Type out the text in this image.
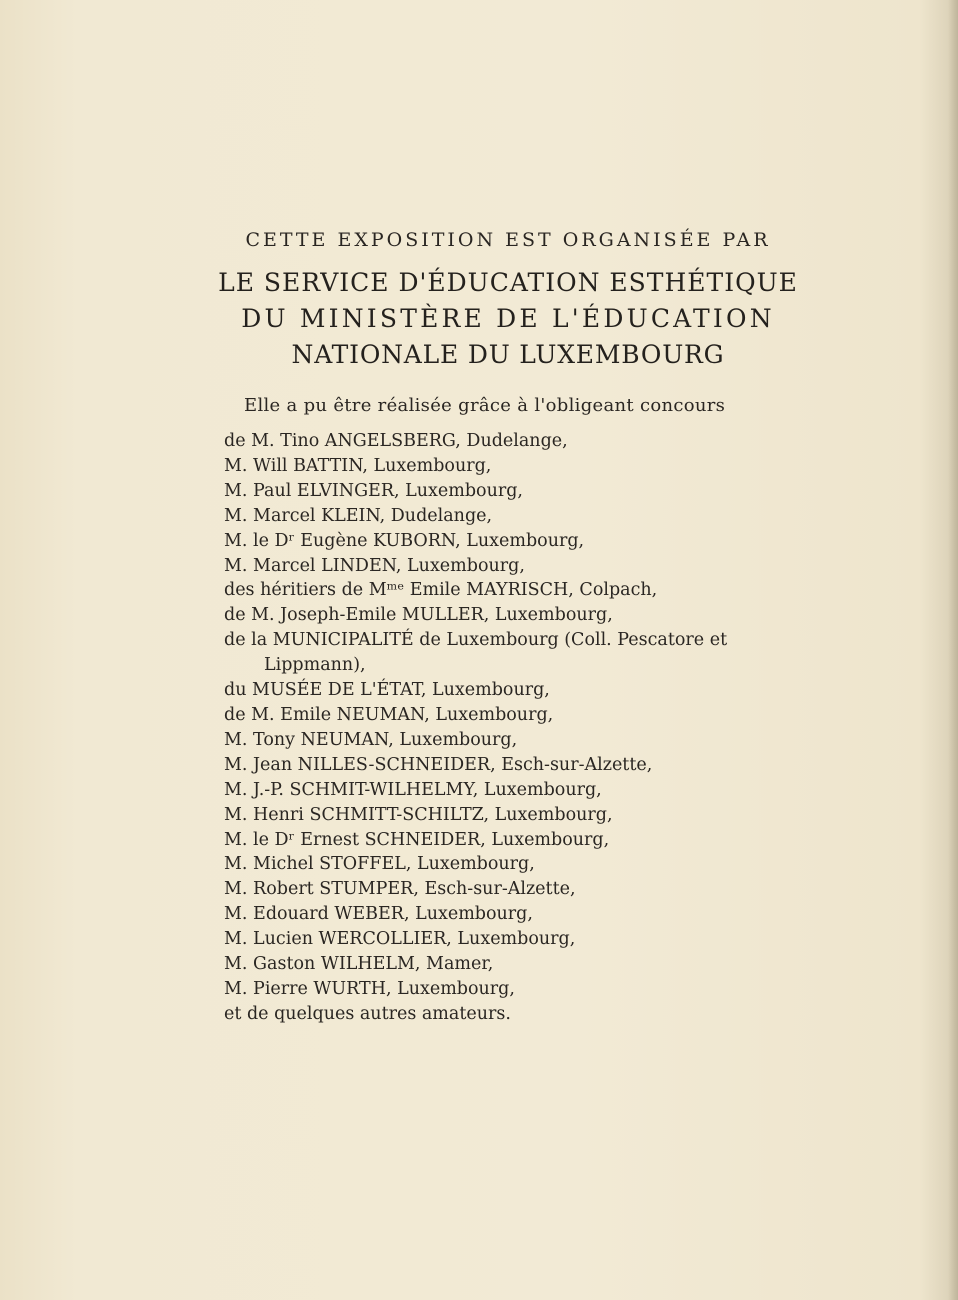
CETTE EXPOSITION EST ORGANISÉE PAR
LE SERVICE D'ÉDUCATION ESTHÉTIQUE
DU MINISTÈRE DE L'ÉDUCATION
NATIONALE DU LUXEMBOURG
Elle a pu être réalisée grâce à l'obligeant concours
de M. Tino ANGELSBERG, Dudelange,
M. Will BATTIN, Luxembourg,
M. Paul ELVINGER, Luxembourg,
M. Marcel KLEIN, Dudelange,
M. le Dʳ Eugène KUBORN, Luxembourg,
M. Marcel LINDEN, Luxembourg,
des héritiers de Mᵐᵉ Emile MAYRISCH, Colpach,
de M. Joseph-Emile MULLER, Luxembourg,
de la MUNICIPALITÉ de Luxembourg (Coll. Pescatore et Lippmann),
du MUSÉE DE L'ÉTAT, Luxembourg,
de M. Emile NEUMAN, Luxembourg,
M. Tony NEUMAN, Luxembourg,
M. Jean NILLES-SCHNEIDER, Esch-sur-Alzette,
M. J.-P. SCHMIT-WILHELMY, Luxembourg,
M. Henri SCHMITT-SCHILTZ, Luxembourg,
M. le Dʳ Ernest SCHNEIDER, Luxembourg,
M. Michel STOFFEL, Luxembourg,
M. Robert STUMPER, Esch-sur-Alzette,
M. Edouard WEBER, Luxembourg,
M. Lucien WERCOLLIER, Luxembourg,
M. Gaston WILHELM, Mamer,
M. Pierre WURTH, Luxembourg,
et de quelques autres amateurs.
